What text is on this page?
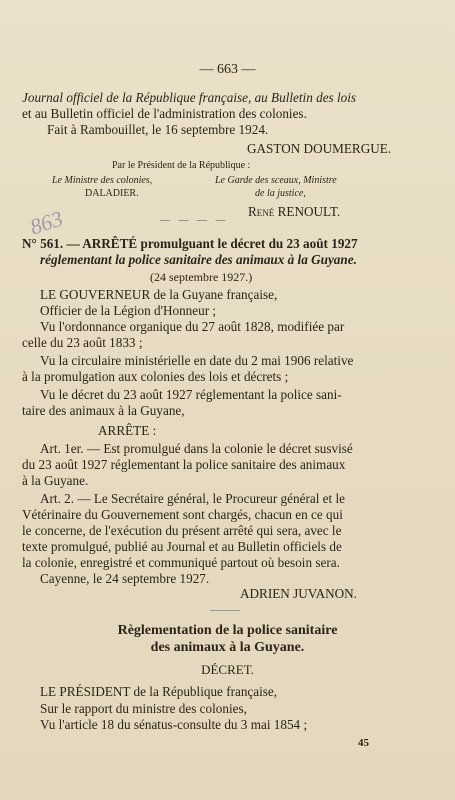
— 663 —
Journal officiel de la République française, au Bulletin des lois
et au Bulletin officiel de l'administration des colonies.
Fait à Rambouillet, le 16 septembre 1924.
GASTON DOUMERGUE.
Par le Président de la République :
Le Ministre des colonies,
DALADIER.
Le Garde des sceaux, Ministre
de la justice,
René RENOULT.
863	— — — —
N° 561. — ARRÊTÉ promulguant le décret du 23 août 1927
réglementant la police sanitaire des animaux à la Guyane.
(24 septembre 1927.)
LE GOUVERNEUR de la Guyane française,
Officier de la Légion d'Honneur ;
Vu l'ordonnance organique du 27 août 1828, modifiée par
celle du 23 août 1833 ;
Vu la circulaire ministérielle en date du 2 mai 1906 relative
à la promulgation aux colonies des lois et décrets ;
Vu le décret du 23 août 1927 réglementant la police sani-
taire des animaux à la Guyane,
ARRÊTE :
Art. 1er. — Est promulgué dans la colonie le décret susvisé
du 23 août 1927 réglementant la police sanitaire des animaux
à la Guyane.
Art. 2. — Le Secrétaire général, le Procureur général et le
Vétérinaire du Gouvernement sont chargés, chacun en ce qui
le concerne, de l'exécution du présent arrêté qui sera, avec le
texte promulgué, publié au Journal et au Bulletin officiels de
la colonie, enregistré et communiqué partout où besoin sera.
Cayenne, le 24 septembre 1927.
ADRIEN JUVANON.
Règlementation de la police sanitaire
des animaux à la Guyane.
DÉCRET.
LE PRÉSIDENT de la République française,
Sur le rapport du ministre des colonies,
Vu l'article 18 du sénatus-consulte du 3 mai 1854 ;
45
